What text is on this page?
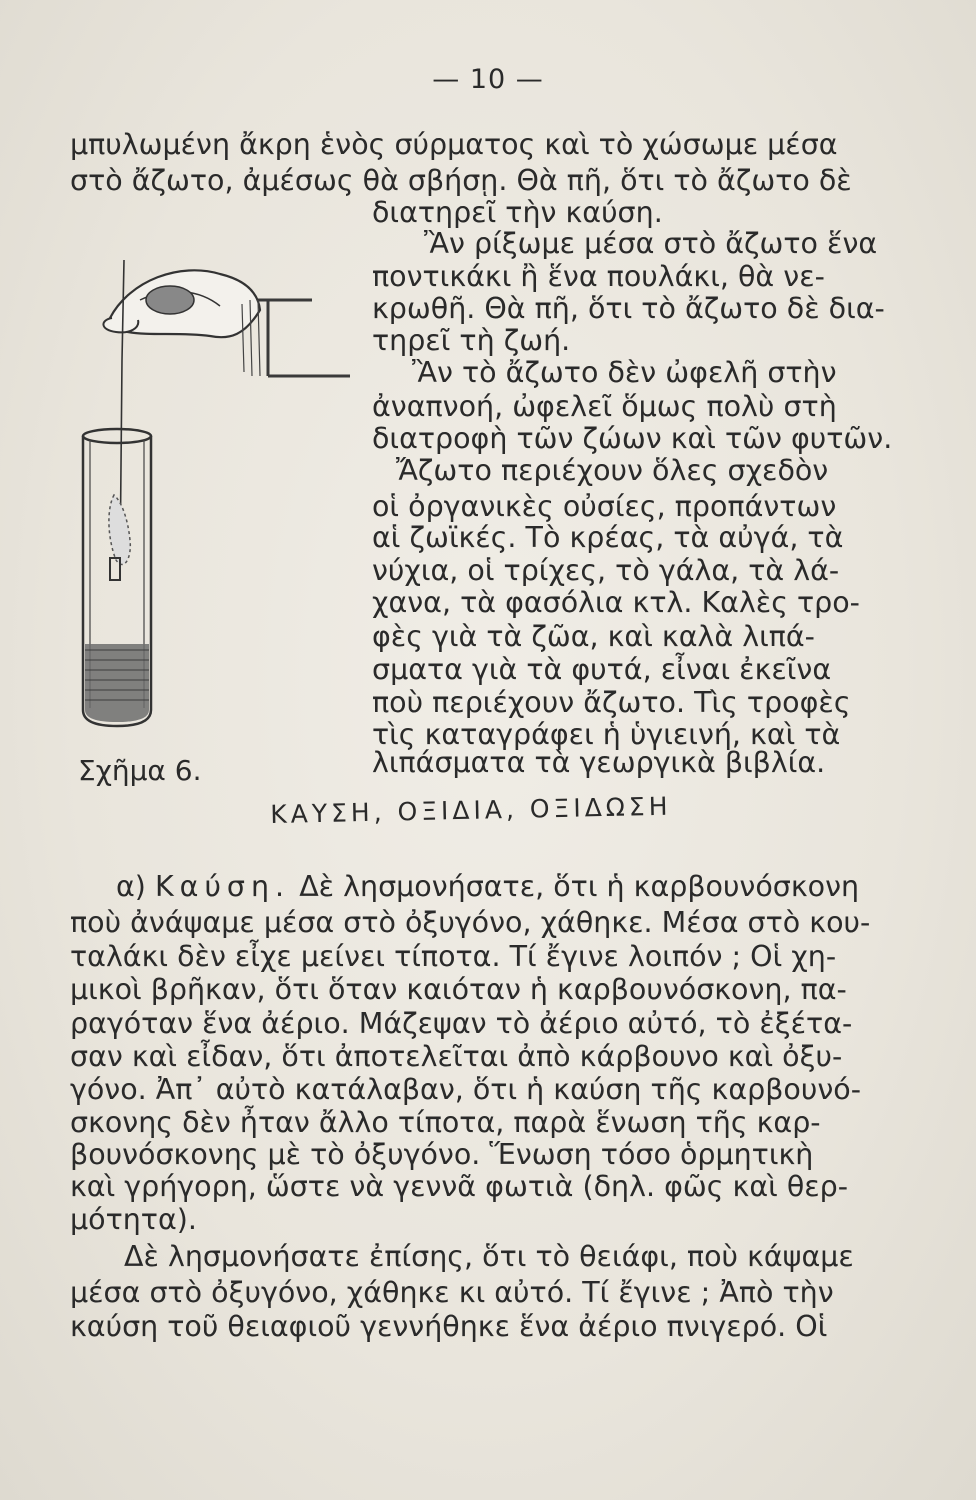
— 10 —
μπυλωμένη ἄκρη ἑνὸς σύρματος καὶ τὸ χώσωμε μέσα
στὸ ἄζωτο, ἀμέσως θὰ σβήσῃ. Θὰ πῆ, ὅτι τὸ ἄζωτο δὲ
διατηρεῖ τὴν καύση.
Ἂν ρίξωμε μέσα στὸ ἄζωτο ἕνα
ποντικάκι ἢ ἕνα πουλάκι, θὰ νε-
κρωθῆ. Θὰ πῆ, ὅτι τὸ ἄζωτο δὲ δια-
τηρεῖ τὴ ζωή.
Ἂν τὸ ἄζωτο δὲν ὠφελῆ στὴν
ἀναπνοή, ὠφελεῖ ὅμως πολὺ στὴ
διατροφὴ τῶν ζώων καὶ τῶν φυτῶν.
Ἄζωτο περιέχουν ὅλες σχεδὸν
οἱ ὀργανικὲς οὐσίες, προπάντων
αἱ ζωϊκές. Τὸ κρέας, τὰ αὐγά, τὰ
νύχια, οἱ τρίχες, τὸ γάλα, τὰ λά-
χανα, τὰ φασόλια κτλ. Καλὲς τρο-
φὲς γιὰ τὰ ζῶα, καὶ καλὰ λιπά-
σματα γιὰ τὰ φυτά, εἶναι ἐκεῖνα
ποὺ περιέχουν ἄζωτο. Τὶς τροφὲς
τὶς καταγράφει ἡ ὑγιεινή, καὶ τὰ
λιπάσματα τὰ γεωργικὰ βιβλία.
Σχῆμα 6.
ΚΑΥΣΗ, ΟΞΙΔΙΑ, ΟΞΙΔΩΣΗ
α) Καύση. Δὲ λησμονήσατε, ὅτι ἡ καρβουνόσκονη
ποὺ ἀνάψαμε μέσα στὸ ὀξυγόνο, χάθηκε. Μέσα στὸ κου-
ταλάκι δὲν εἶχε μείνει τίποτα. Τί ἔγινε λοιπόν ; Οἱ χη-
μικοὶ βρῆκαν, ὅτι ὅταν καιόταν ἡ καρβουνόσκονη, πα-
ραγόταν ἕνα ἀέριο. Μάζεψαν τὸ ἀέριο αὐτό, τὸ ἐξέτα-
σαν καὶ εἶδαν, ὅτι ἀποτελεῖται ἀπὸ κάρβουνο καὶ ὀξυ-
γόνο. Ἀπ᾽ αὐτὸ κατάλαβαν, ὅτι ἡ καύση τῆς καρβουνό-
σκονης δὲν ἦταν ἄλλο τίποτα, παρὰ ἕνωση τῆς καρ-
βουνόσκονης μὲ τὸ ὀξυγόνο. Ἕνωση τόσο ὁρμητικὴ
καὶ γρήγορη, ὥστε νὰ γεννᾶ φωτιὰ (δηλ. φῶς καὶ θερ-
μότητα).
Δὲ λησμονήσατε ἐπίσης, ὅτι τὸ θειάφι, ποὺ κάψαμε
μέσα στὸ ὀξυγόνο, χάθηκε κι αὐτό. Τί ἔγινε ; Ἀπὸ τὴν
καύση τοῦ θειαφιοῦ γεννήθηκε ἕνα ἀέριο πνιγερό. Οἱ
